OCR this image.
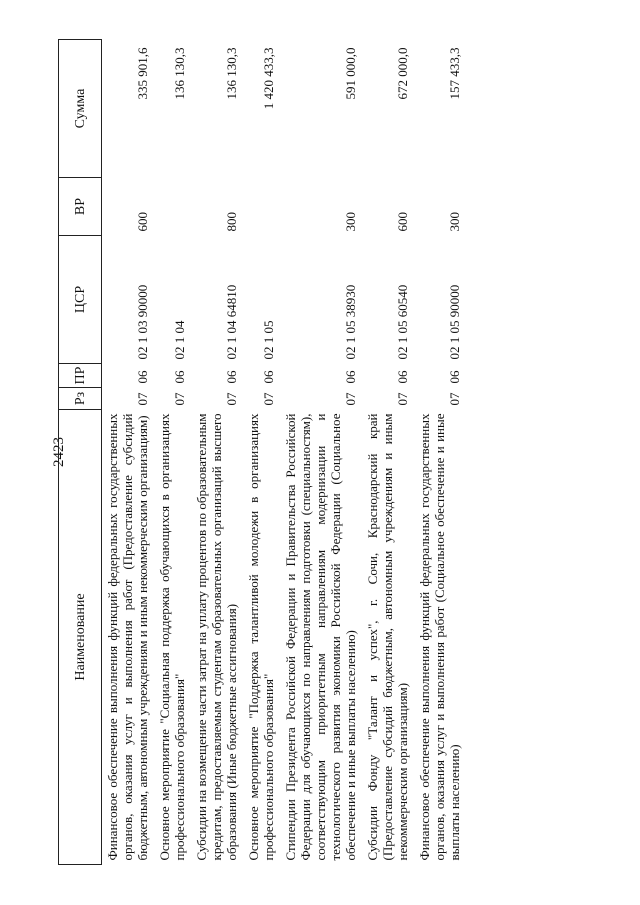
2423
Наименование	Рз	ПР	ЦСР	ВР	Сумма
Финансовое обеспечение выполнения функций федеральных государственных органов, оказания услуг и выполнения работ (Предоставление субсидий бюджетным, автономным учреждениям и иным некоммерческим организациям)	07	06	02 1 03 90000	600	335 901,6
Основное мероприятие "Социальная поддержка обучающихся в организациях профессионального образования"	07	06	02 1 04		136 130,3
Субсидии на возмещение части затрат на уплату процентов по образовательным кредитам, предоставляемым студентам образовательных организаций высшего образования (Иные бюджетные ассигнования)	07	06	02 1 04 64810	800	136 130,3
Основное мероприятие "Поддержка талантливой молодежи в организациях профессионального образования"	07	06	02 1 05		1 420 433,3
Стипендии Президента Российской Федерации и Правительства Российской Федерации для обучающихся по направлениям подготовки (специальностям), соответствующим приоритетным направлениям модернизации и технологического развития экономики Российской Федерации (Социальное обеспечение и иные выплаты населению)	07	06	02 1 05 38930	300	591 000,0
Субсидии Фонду "Талант и успех", г. Сочи, Краснодарский край (Предоставление субсидий бюджетным, автономным учреждениям и иным некоммерческим организациям)	07	06	02 1 05 60540	600	672 000,0
Финансовое обеспечение выполнения функций федеральных государственных органов, оказания услуг и выполнения работ (Социальное обеспечение и иные выплаты населению)	07	06	02 1 05 90000	300	157 433,3
